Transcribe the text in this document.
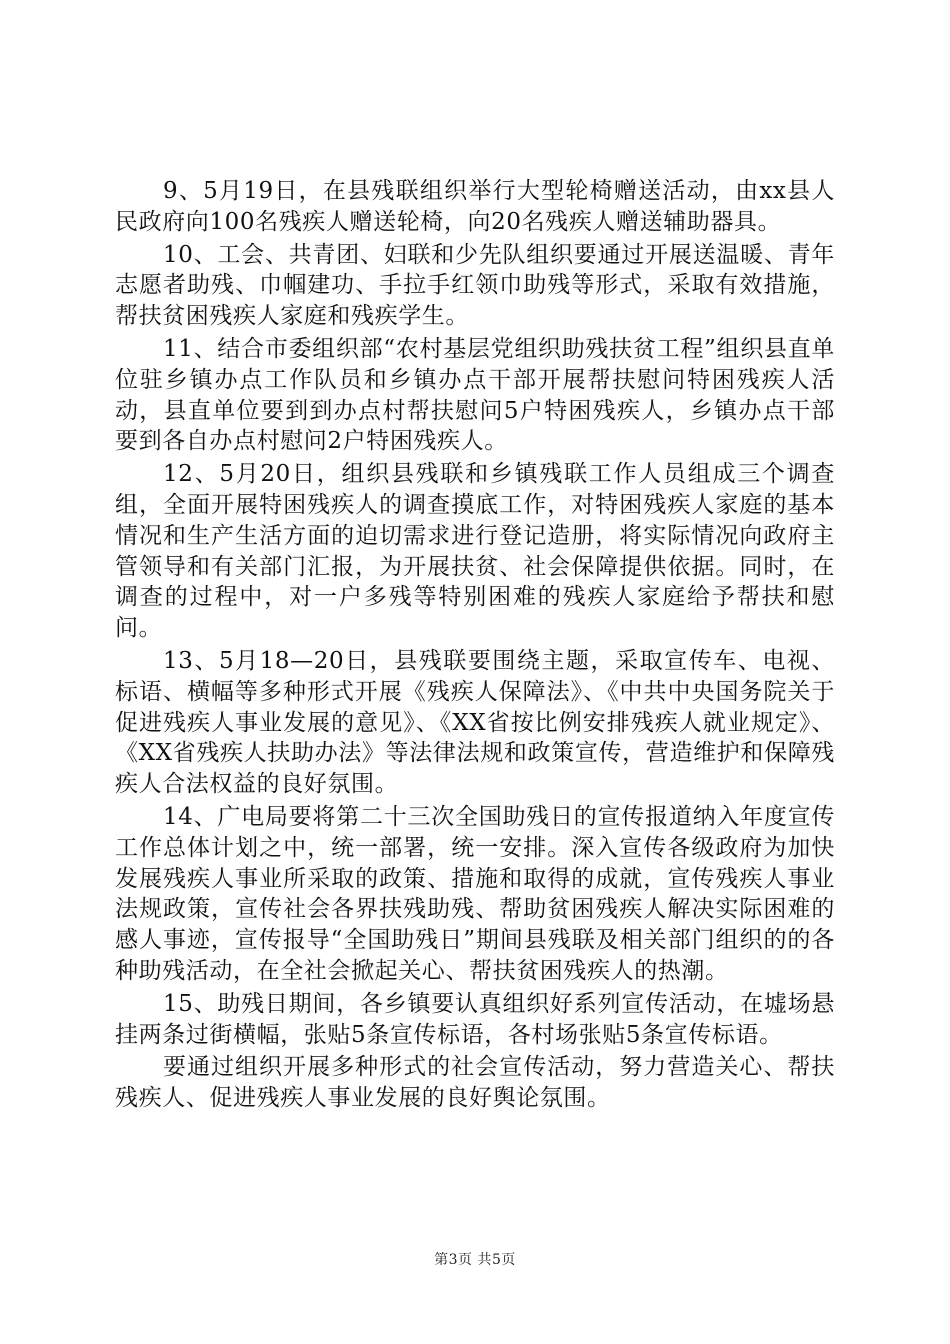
9、5月19日，在县残联组织举行大型轮椅赠送活动，由xx县人民政府向100名残疾人赠送轮椅，向20名残疾人赠送辅助器具。

10、工会、共青团、妇联和少先队组织要通过开展送温暖、青年志愿者助残、巾帼建功、手拉手红领巾助残等形式，采取有效措施，帮扶贫困残疾人家庭和残疾学生。

11、结合市委组织部“农村基层党组织助残扶贫工程”组织县直单位驻乡镇办点工作队员和乡镇办点干部开展帮扶慰问特困残疾人活动，县直单位要到到办点村帮扶慰问5户特困残疾人，乡镇办点干部要到各自办点村慰问2户特困残疾人。

12、5月20日，组织县残联和乡镇残联工作人员组成三个调查组，全面开展特困残疾人的调查摸底工作，对特困残疾人家庭的基本情况和生产生活方面的迫切需求进行登记造册，将实际情况向政府主管领导和有关部门汇报，为开展扶贫、社会保障提供依据。同时，在调查的过程中，对一户多残等特别困难的残疾人家庭给予帮扶和慰问。

13、5月18—20日，县残联要围绕主题，采取宣传车、电视、标语、横幅等多种形式开展《残疾人保障法》、《中共中央国务院关于促进残疾人事业发展的意见》、《XX省按比例安排残疾人就业规定》、《XX省残疾人扶助办法》等法律法规和政策宣传，营造维护和保障残疾人合法权益的良好氛围。

14、广电局要将第二十三次全国助残日的宣传报道纳入年度宣传工作总体计划之中，统一部署，统一安排。深入宣传各级政府为加快发展残疾人事业所采取的政策、措施和取得的成就，宣传残疾人事业法规政策，宣传社会各界扶残助残、帮助贫困残疾人解决实际困难的感人事迹，宣传报导“全国助残日”期间县残联及相关部门组织的的各种助残活动，在全社会掀起关心、帮扶贫困残疾人的热潮。

15、助残日期间，各乡镇要认真组织好系列宣传活动，在墟场悬挂两条过街横幅，张贴5条宣传标语，各村场张贴5条宣传标语。

要通过组织开展多种形式的社会宣传活动，努力营造关心、帮扶残疾人、促进残疾人事业发展的良好舆论氛围。

第3页 共5页
